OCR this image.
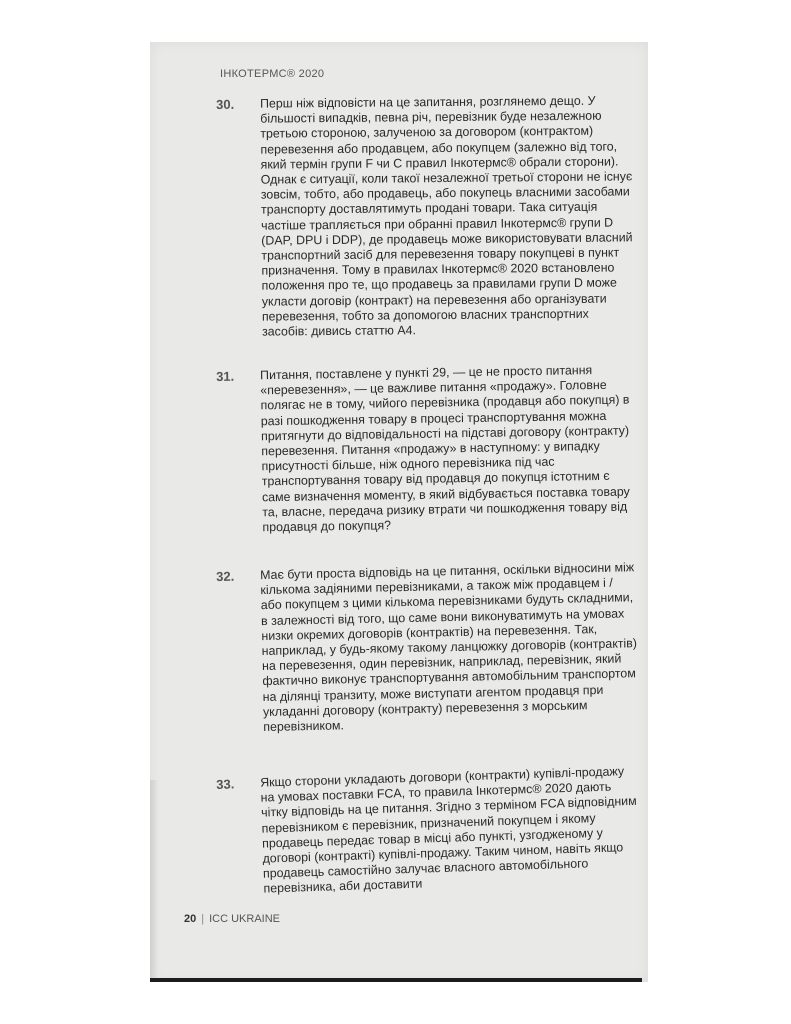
ІНКОТЕРМС® 2020
30. Перш ніж відповісти на це запитання, розглянемо дещо. У більшості випадків, певна річ, перевізник буде незалежною третьою стороною, залученою за договором (контрактом) перевезення або продавцем, або покупцем (залежно від того, який термін групи F чи C правил Інкотермс® обрали сторони). Однак є ситуації, коли такої незалежної третьої сторони не існує зовсім, тобто, або продавець, або покупець власними засобами транспорту доставлятимуть продані товари. Така ситуація частіше трапляється при обранні правил Інкотермс® групи D (DAP, DPU і DDP), де продавець може використовувати власний транспортний засіб для перевезення товару покупцеві в пункт призначення. Тому в правилах Інкотермс® 2020 встановлено положення про те, що продавець за правилами групи D може укласти договір (контракт) на перевезення або організувати перевезення, тобто за допомогою власних транспортних засобів: дивись статтю А4.
31. Питання, поставлене у пункті 29, — це не просто питання «перевезення», — це важливе питання «продажу». Головне полягає не в тому, чийого перевізника (продавця або покупця) в разі пошкодження товару в процесі транспортування можна притягнути до відповідальності на підставі договору (контракту) перевезення. Питання «продажу» в наступному: у випадку присутності більше, ніж одного перевізника під час транспортування товару від продавця до покупця істотним є саме визначення моменту, в який відбувається поставка товару та, власне, передача ризику втрати чи пошкодження товару від продавця до покупця?
32. Має бути проста відповідь на це питання, оскільки відносини між кількома задіяними перевізниками, а також між продавцем і / або покупцем з цими кількома перевізниками будуть складними, в залежності від того, що саме вони виконуватимуть на умовах низки окремих договорів (контрактів) на перевезення. Так, наприклад, у будь-якому такому ланцюжку договорів (контрактів) на перевезення, один перевізник, наприклад, перевізник, який фактично виконує транспортування автомобільним транспортом на ділянці транзиту, може виступати агентом продавця при укладанні договору (контракту) перевезення з морським перевізником.
33. Якщо сторони укладають договори (контракти) купівлі-продажу на умовах поставки FCA, то правила Інкотермс® 2020 дають чітку відповідь на це питання. Згідно з терміном FCA відповідним перевізником є перевізник, призначений покупцем і якому продавець передає товар в місці або пункті, узгодженому у договорі (контракті) купівлі-продажу. Таким чином, навіть якщо продавець самостійно залучає власного автомобільного перевізника, аби доставити
20 | ICC UKRAINE
